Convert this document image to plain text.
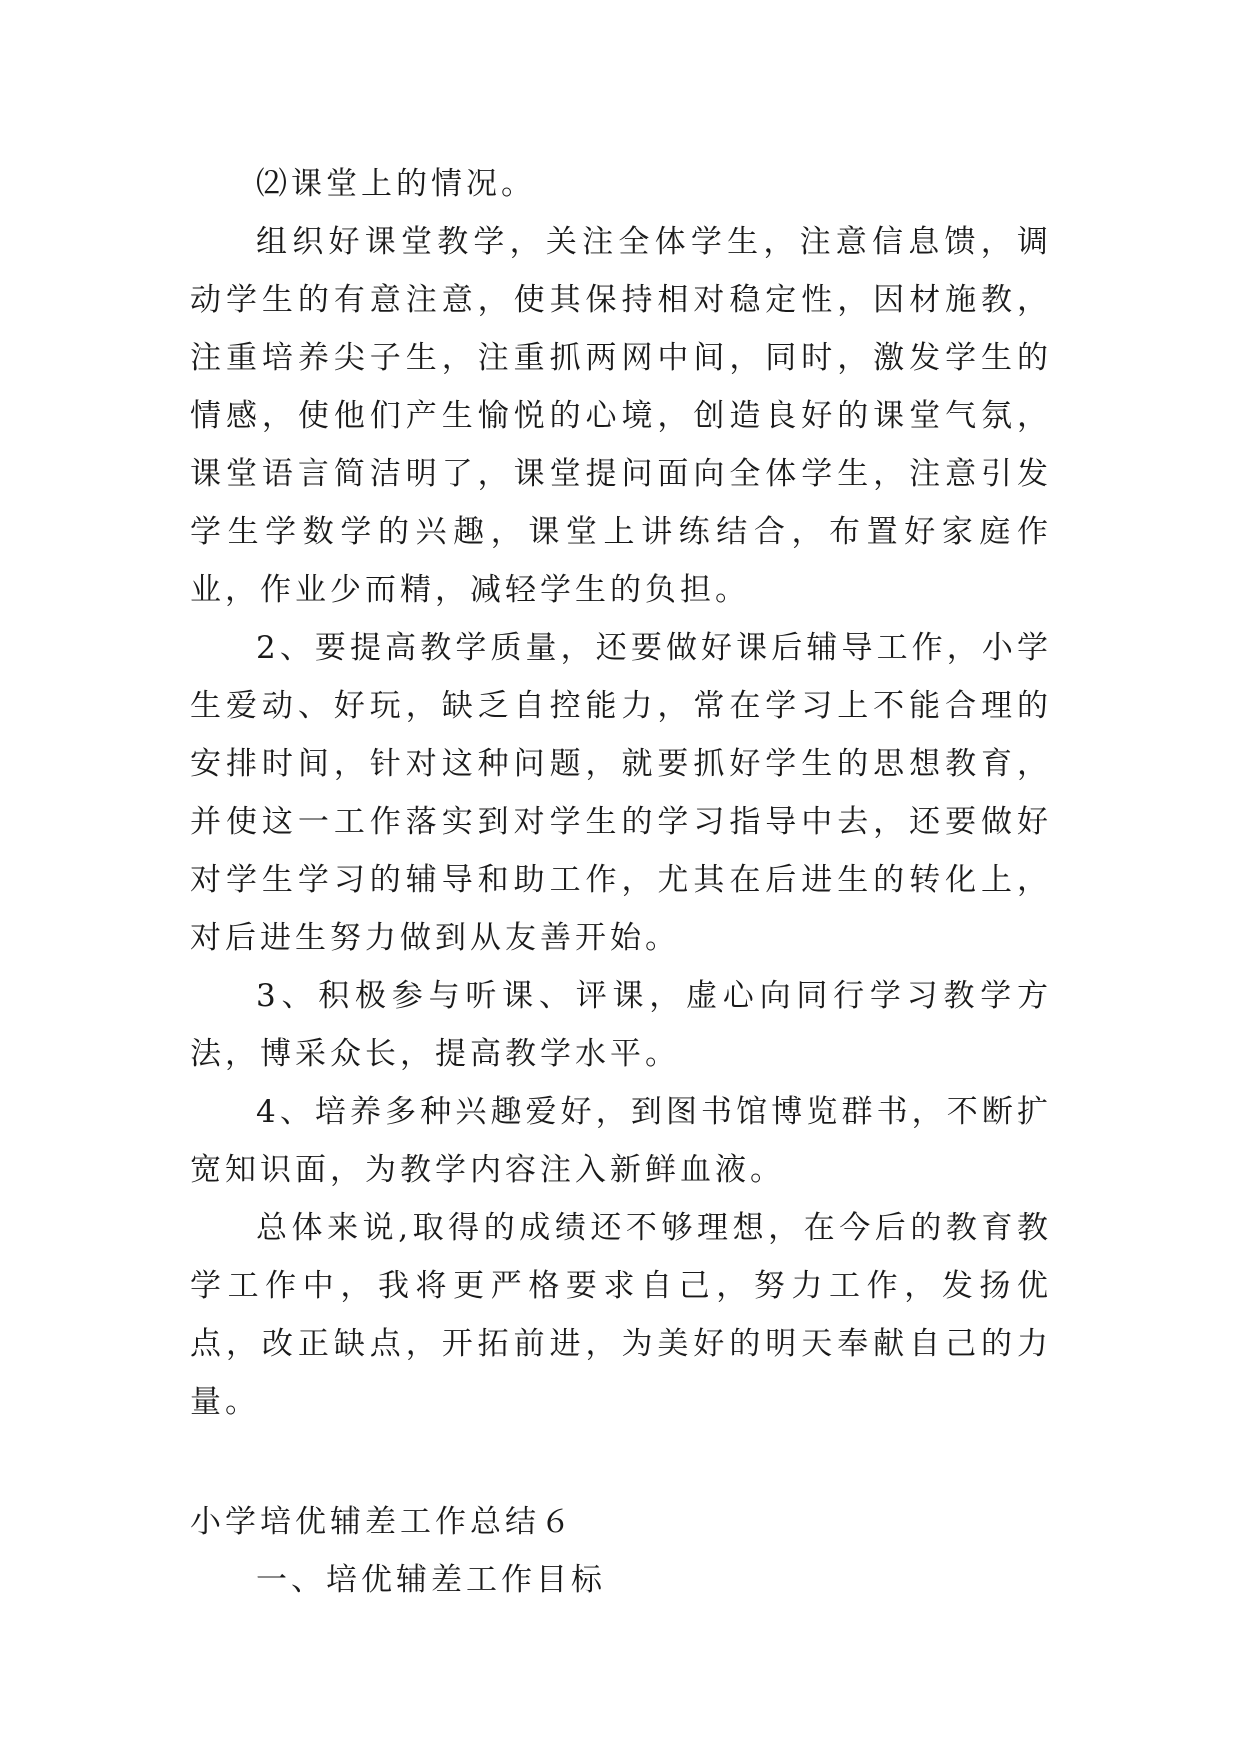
⑵课堂上的情况。

组织好课堂教学，关注全体学生，注意信息馈，调动学生的有意注意，使其保持相对稳定性，因材施教，注重培养尖子生，注重抓两网中间，同时，激发学生的情感，使他们产生愉悦的心境，创造良好的课堂气氛，课堂语言简洁明了，课堂提问面向全体学生，注意引发学生学数学的兴趣，课堂上讲练结合，布置好家庭作业，作业少而精，减轻学生的负担。

2、要提高教学质量，还要做好课后辅导工作，小学生爱动、好玩，缺乏自控能力，常在学习上不能合理的安排时间，针对这种问题，就要抓好学生的思想教育，并使这一工作落实到对学生的学习指导中去，还要做好对学生学习的辅导和助工作，尤其在后进生的转化上，对后进生努力做到从友善开始。

3、积极参与听课、评课，虚心向同行学习教学方法，博采众长，提高教学水平。

4、培养多种兴趣爱好，到图书馆博览群书，不断扩宽知识面，为教学内容注入新鲜血液。

总体来说,取得的成绩还不够理想，在今后的教育教学工作中，我将更严格要求自己，努力工作，发扬优点，改正缺点，开拓前进，为美好的明天奉献自己的力量。

小学培优辅差工作总结６

一、培优辅差工作目标
